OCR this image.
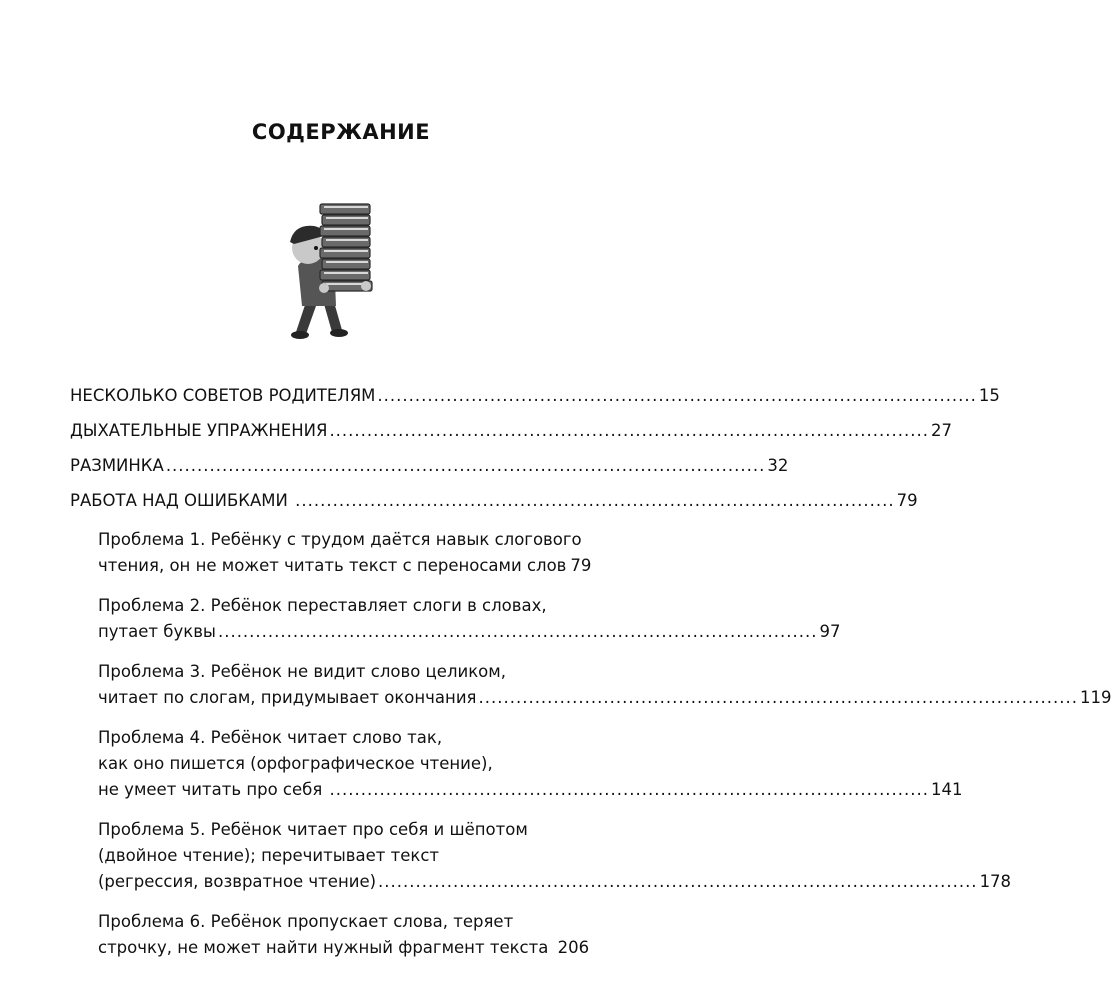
СОДЕРЖАНИЕ
НЕСКОЛЬКО СОВЕТОВ РОДИТЕЛЯМ ................................................................................................ 15
ДЫХАТЕЛЬНЫЕ УПРАЖНЕНИЯ ................................................................................................ 27
РАЗМИНКА ................................................................................................ 32
РАБОТА НАД ОШИБКАМИ ................................................................................................ 79
Проблема 1. Ребёнку с трудом даётся навык слогового
чтения, он не может читать текст с переносами слов 79
Проблема 2. Ребёнок переставляет слоги в словах,
путает буквы ................................................................................................ 97
Проблема 3. Ребёнок не видит слово целиком,
читает по слогам, придумывает окончания ................................................................................................ 119
Проблема 4. Ребёнок читает слово так,
как оно пишется (орфографическое чтение),
не умеет читать про себя ................................................................................................ 141
Проблема 5. Ребёнок читает про себя и шёпотом
(двойное чтение); перечитывает текст
(регрессия, возвратное чтение) ................................................................................................ 178
Проблема 6. Ребёнок пропускает слова, теряет
строчку, не может найти нужный фрагмент текста 206
